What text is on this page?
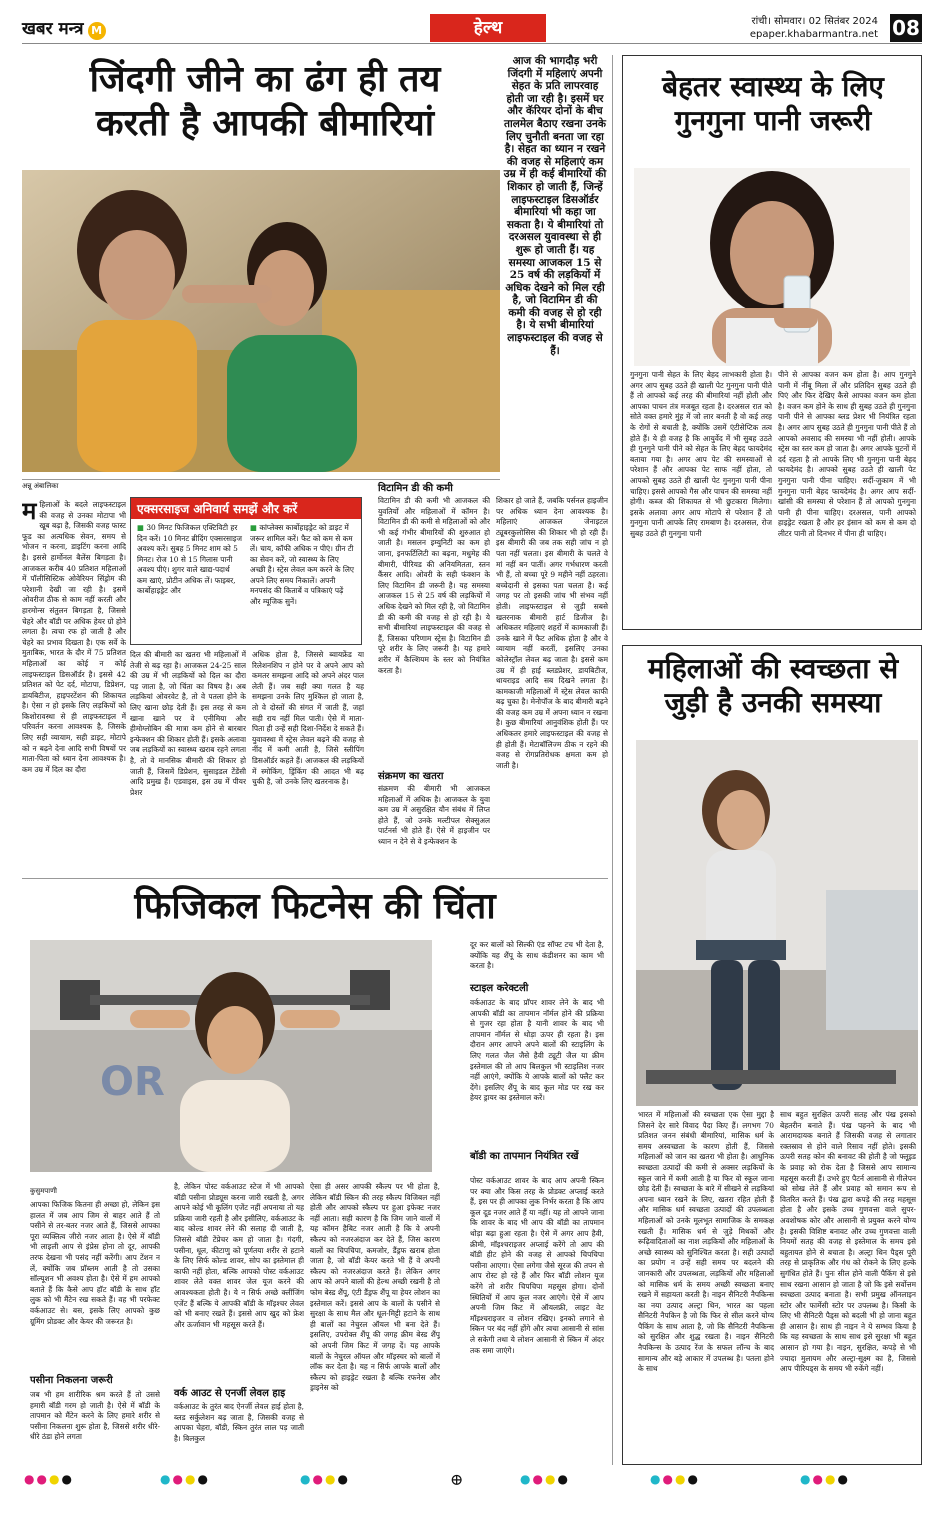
खबर मन्त्र M	हेल्थ	रांची। सोमवार। 02 सितंबर 2024
epaper.khabarmantra.net 08
जिंदगी जीने का ढंग ही तय
करती है आपकी बीमारियां
आज की भागदौड़ भरी जिंदगी में महिलाएं अपनी सेहत के प्रति लापरवाह होती जा रही है। इसमें घर और कॅरियर दोनों के बीच तालमेल बैठाए रखना उनके लिए चुनौती बनता जा रहा है। सेहत का ध्यान न रखने की वजह से महिलाएं कम उम्र में ही कई बीमारियों की शिकार हो जाती हैं, जिन्हें लाइफस्टाइल डिसऑर्डर बीमारियां भी कहा जा सकता है। ये बीमारियां तो दरअसल युवावस्था से ही शुरू हो जाती हैं। यह समस्या आजकल 15 से 25 वर्ष की लड़कियों में अधिक देखने को मिल रही है, जो विटामिन डी की कमी की वजह से हो रही है। ये सभी बीमारियां लाइफस्टाइल की वजह से हैं।
अन्नू अंबालिका
महिलाओं के बदले लाइफस्टाइल की वजह से उनका मोटापा भी खूब बढ़ा है, जिसकी वजह फास्ट फूड का अत्यधिक सेवन, समय से भोजन न करना, डाइटिंग करना आदि है। इससे हार्मोनल बैलेंस बिगड़ता है। आजकल करीब 40 प्रतिशत महिलाओं में पॉलीसिस्टिक ओवेरियन सिंड्रोम की परेशानी देखी जा रही है। इसमें ओवरीज ठीक से काम नहीं करती और हारमोन्स संतुलन बिगड़ता है, जिससे चेहरे और बॉडी पर अधिक हेयर ग्रो होने लगता है। त्वचा रफ हो जाती है और चेहरे का प्रभाव दिखता है। एक सर्वे के मुताबिक, भारत के दौर में 75 प्रतिशत महिलाओं का कोई न कोई लाइफस्टाइल डिसऑर्डर है। इससे 42 प्रतिशत को पेट दर्द, मोटापा, डिप्रेशन, डायबिटीज, हाइपरटेंशन की शिकायत है। ऐसा न हो इसके लिए लड़कियों को किशोरावस्था से ही लाइफस्टाइल में परिवर्तन करना आवश्यक है, जिसके लिए सही व्यायाम, सही डाइट, मोटापे को न बढ़ने देना आदि सभी विषयों पर माता-पिता को ध्यान देना आवश्यक है। कम उम्र में दिल का दौरा
एक्सरसाइज अनिवार्य समझें और करें
■ 30 मिनट फिजिकल एक्टिविटी हर दिन करें। 10 मिनट ब्रीदिंग एक्सरसाइज अवश्य करें। सुबह 5 मिनट शाम को 5 मिनट। रोज 10 से 15 गिलास पानी अवश्य पीएं। शुगर वाले खाद्य-पदार्थ कम खाएं, प्रोटीन अधिक लें। फाइबर, कार्बोहाइड्रेट और
■ कांप्लेक्स कार्बोहाइड्रेट को डाइट में जरूर शामिल करें। फैट को कम से कम लें। चाय, कॉफी अधिक न पीएं। ग्रीन टी का सेवन करें, जो स्वास्थ्य के लिए अच्छी है। स्ट्रेस लेवल कम करने के लिए अपने लिए समय निकालें। अपनी मनपसंद की किताबें व पत्रिकाएं पढ़ें और म्यूजिक सुनें।
दिल की बीमारी का खतरा भी महिलाओं में तेजी से बढ़ रहा है। आजकल 24-25 साल की उम्र में भी लड़कियों को दिल का दौरा पड़ जाता है, जो चिंता का विषय है। अब लड़कियां ओवरवेट है, तो वे पतला होने के लिए खाना छोड़ देती हैं। इस तरह से कम खाना खाने पर वे एनीमिया और हीमोग्लोबिन की मात्रा कम होने से बारबार इन्फेक्शन की शिकार होती हैं। इसके अलावा जब लड़कियों का स्वास्थ्य खराब रहने लगता है, तो वे मानसिक बीमारी की शिकार हो जाती हैं, जिसमें डिप्रेशन, सुसाइडल टेंडेंसी आदि प्रमुख हैं। एडवाइस, इस उम्र में पीयर प्रेशर
अधिक होता है, जिससे ब्वायफ्रेंड या रिलेशनशिप न होने पर वे अपने आप को कमतर समझना आदि को अपने अंदर पाल लेती हैं। जब सही क्या गलत है यह समझना उनके लिए मुश्किल हो जाता है, तो वे दोस्तों की संगत में जाती हैं, जहां सही राय नहीं मिल पाती। ऐसे में माता-पिता ही उन्हें सही दिशा-निर्देश दे सकते हैं। युवावस्था में स्ट्रेस लेवल बढ़ने की वजह से नींद में कमी आती है, जिसे स्लीपिंग डिसऑर्डर कहते हैं। आजकल की लड़कियों में स्मोकिंग, ड्रिंकिंग की आदत भी बढ़ चुकी है, जो उनके लिए खतरनाक है।
विटामिन डी की कमी
विटामिन डी की कमी भी आजकल की युवतियों और महिलाओं में कॉमन है। विटामिन डी की कमी से महिलाओं को और भी कई गंभीर बीमारियों की शुरुआत हो जाती है। मसलन इम्युनिटी का कम हो जाना, इनफर्टिलिटी का बढ़ना, मधुमेह की बीमारी, पीरियड की अनियमितता, स्तन कैंसर आदि। ओवरी के सही फंक्शन के लिए विटामिन डी जरूरी है। यह समस्या आजकल 15 से 25 वर्ष की लड़कियों में अधिक देखने को मिल रही है, जो विटामिन डी की कमी की वजह से हो रही है। ये सभी बीमारियां लाइफस्टाइल की वजह से हैं, जिसका परिणाम स्ट्रेस है। विटामिन डी पूरे शरीर के लिए जरूरी है। यह हमारे शरीर में कैल्शियम के स्तर को नियंत्रित करता है।
संक्रमण का खतरा
संक्रमण की बीमारी भी आजकल महिलाओं में अधिक है। आजकल के युवा कम उम्र में असुरक्षित यौन संबंध में लिप्त होते हैं, जो उनके मल्टीपल सेक्सुअल पार्टनर्स भी होते हैं। ऐसे में हाइजीन पर ध्यान न देने से वे इन्फेक्शन के
शिकार हो जाते हैं, जबकि पर्सनल हाइजीन पर अधिक ध्यान देना आवश्यक है। महिलाएं आजकल जेनाइटल ट्यूबरकुलोसिस की शिकार भी हो रही हैं। इस बीमारी की जब तक सही जांच न हो पता नहीं चलता। इस बीमारी के चलते वे मां नहीं बन पातीं। अगर गर्भधारण करती भी हैं, तो बच्चा पूरे 9 महीने नहीं ठहरता। बच्चेदानी से इसका पता चलता है। कई जगह पर तो इसकी जांच भी संभव नहीं होती। लाइफस्टाइल से जुड़ी सबसे खतरनाक बीमारी हार्ट डिजीज है। अधिकतर महिलाएं शहरों में कामकाजी हैं। उनके खाने में फैट अधिक होता है और वे व्यायाम नहीं करतीं, इसलिए उनका कोलेस्ट्रॉल लेवल बढ़ जाता है। इससे कम उम्र में ही हाई ब्लडप्रेशर, डायबिटीज, थायराइड आदि सब दिखने लगता है। कामकाजी महिलाओं में स्ट्रेस लेवल काफी बढ़ चुका है। मेनोपॉज के बाद बीमारी बढ़ने की वजह कम उम्र में अपना ध्यान न रखना है। कुछ बीमारियां आनुवंशिक होती हैं। पर अधिकतर हमारे लाइफस्टाइल की वजह से ही होती हैं। मेटाबॉलिज्म ठीक न रहने की वजह से रोगप्रतिरोधक क्षमता कम हो जाती है।
बेहतर स्वास्थ्य के लिए
गुनगुना पानी जरूरी
गुनगुना पानी सेहत के लिए बेहद लाभकारी होता है। अगर आप सुबह उठते ही खाली पेट गुनगुना पानी पीते हैं तो आपको कई तरह की बीमारियां नहीं होती और आपका पाचन तंत्र मजबूत रहता है। दरअसल रात को सोते वक्त हमारे मुंह में जो लार बनती है वो कई तरह के रोगों से बचाती है, क्योंकि उसमें एंटीसेप्टिक तत्व होते हैं। ये ही वजह है कि आयुर्वेद में भी सुबह उठते ही गुनगुने पानी पीने को सेहत के लिए बेहद फायदेमंद बताया गया है। अगर आप पेट की समस्याओं से परेशान हैं और आपका पेट साफ नहीं होता, तो आपको सुबह उठते ही खाली पेट गुनगुना पानी पीना चाहिए। इससे आपको गैस और पाचन की समस्या नहीं होगी। कब्ज की शिकायत से भी छुटकारा मिलेगा। इसके अलावा अगर आप मोटापे से परेशान हैं तो गुनगुना पानी आपके लिए रामबाण है। दरअसल, रोज सुबह उठते ही गुनगुना पानी
पीने से आपका वजन कम होता है। आप गुनगुने पानी में नींबू मिला लें और प्रतिदिन सुबह उठते ही पिएं और फिर देखिए कैसे आपका वजन कम होता है। वजन कम होने के साथ ही सुबह उठते ही गुनगुना पानी पीने से आपका ब्लड प्रेशर भी नियंत्रित रहता है। अगर आप सुबह उठते ही गुनगुना पानी पीते हैं तो आपको अवसाद की समस्या भी नहीं होती। आपके स्ट्रेस का स्तर कम हो जाता है। अगर आपके घुटनों में दर्द रहता है तो आपके लिए भी गुनगुना पानी बेहद फायदेमंद है। आपको सुबह उठते ही खाली पेट गुनगुना पानी पीना चाहिए। सर्दी-जुकाम में भी गुनगुना पानी बेहद फायदेमंद है। अगर आप सर्दी-खांसी की समस्या से परेशान हैं तो आपको गुनगुना पानी ही पीना चाहिए। दरअसल, पानी आपको हाइड्रेट रखता है और हर इंसान को कम से कम दो लीटर पानी तो दिनभर में पीना ही चाहिए।
महिलाओं की स्वच्छता से
जुड़ी है उनकी समस्या
भारत में महिलाओं की स्वच्छता एक ऐसा मुद्दा है जिसने देर सारे विवाद पैदा किए हैं। लगभग 70 प्रतिशत जनन संबंधी बीमारियां, मासिक धर्म के समय अस्वच्छता के कारण होती हैं, जिससे महिलाओं को जान का खतरा भी होता है। आधुनिक स्वच्छता उत्पादों की कमी से अक्सर लड़कियों के स्कूल जाने में कमी आती है या फिर वो स्कूल जाना छोड़ देती हैं। स्वच्छता के बारे में सीखने से लड़कियां अपना ध्यान रखने के लिए, खतरा रहित होती हैं और मासिक धर्म स्वच्छता उत्पादों की उपलब्धता महिलाओं को उनके मूलभूत सामाजिक के समकक्ष रखती हैं। मासिक धर्म से जुड़े मिथकों और रूढ़िवादिताओं का नाश लड़कियों और महिलाओं के अच्छे स्वास्थ्य को सुनिश्चित करता है। सही उत्पादों का प्रयोग न उन्हें सही समय पर बदलने की जानकारी और उपलब्धता, लड़कियों और महिलाओं को मासिक धर्म के समय अच्छी स्वच्छता बनाए रखने में सहायता करती है। नाइन सैनिटरी नैपकिन्स का नया उत्पाद अल्ट्रा थिन, भारत का पहला सैनिटरी नैपकिन है जो कि फिर से सील करने योग्य पैकिंग के साथ आता है, जो कि सैनिटरी नैपकिन्स को सुरक्षित और शुद्ध रखता है। नाइन सैनिटरी नैपकिन्स के उत्पाद रेंज के सफल लॉन्च के बाद सामान्य और बड़े आकार में उपलब्ध है। पतला होने के साथ
साथ बहुत सुरक्षित ऊपरी सतह और पंख इसको बेहतरीन बनाते हैं। पंख पहनने के बाद भी आरामदायक बनाते हैं जिसकी वजह से लगातार रक्तस्राव से होने वाले रिसाव नहीं होते। इसकी ऊपरी सतह कोन की बनावट की होती है जो फ्लूइड के प्रवाह को रोक देता है जिससे आप सामान्य महसूस करती हैं। उभरे हुए पैटर्न आसानी से गीलेपन को सोख लेते हैं और प्रवाह को समान रूप से वितरित करते हैं। पंख द्वारा कपड़े की तरह महसूस होता है और इसके उच्च गुणवत्ता वाले सुपर-अवशोषक कोर और आसानी से प्रयुक्त करने योग्य है। इसकी विशिष्ट बनावट और उच्च गुणवत्ता वाली नियमों सतह की वजह से इस्तेमाल के समय इसे बहुतायत होने से बचाता है। अल्ट्रा थिन पैड्स पूरी तरह से प्राकृतिक और गंध को रोकने के लिए हल्के सुगंधित होते हैं। पुनः सील होने वाली पैकिंग से इसे साथ रखना आसान हो जाता है जो कि इसे सर्वोत्तम स्वच्छता उत्पाद बनाता है। सभी प्रमुख ऑनलाइन स्टोर और फार्मेसी स्टोर पर उपलब्ध है। किसी के लिए भी सैनिटरी पैड्स को बदली भी हो जाना बहुत ही आसान है। साथ ही नाइन ने ये सम्भव किया है कि यह स्वच्छता के साथ साथ इसे सुरक्षा भी बहुत आसान हो गया है। नाइन, सुरक्षित, कपड़े से भी ज्यादा मुलायम और अल्ट्रा-सूक्ष्म का है, जिससे आप पीरियड्स के समय भी रुकेंगे नहीं।
फिजिकल फिटनेस की चिंता
OR
कुसुमपाणी
आपका फिजिक कितना ही अच्छा हो, लेकिन इस हालत में जब आप जिम से बाहर आते हैं तो पसीने से तर-बतर नजर आते हैं, जिससे आपका पूरा व्यक्तित्व जीरो नजर आता है। ऐसे में बॉडी भी लाइली आप से इंप्रेस होना तो दूर, आपकी तरफ देखना भी पसंद नहीं करेंगी। आप टेंशन न लें, क्योंकि जब प्रॉब्लम आती है तो उसका सॉल्यूशन भी अवश्य होता है। ऐसे में हम आपको बताते हैं कि कैसे आप हॉट बॉडी के साथ हॉट लुक को भी मैंटेन रख सकते हैं। वह भी परफेक्ट वर्कआउट से। बस, इसके लिए आपको कुछ ग्रूमिंग प्रोडक्ट और केयर की जरूरत है।
पसीना निकलना जरूरी
जब भी हम शारीरिक श्रम करते हैं तो उससे हमारी बॉडी गरम हो जाती है। ऐसे में बॉडी के तापमान को मैंटेन करने के लिए हमारे शरीर से पसीना निकलना शुरू होता है, जिससे शरीर धीरे-धीरे ठंडा होने लगता
है, लेकिन पोस्ट वर्कआउट स्टेज में भी आपको बॉडी पसीना प्रोड्यूस करना जारी रखती है, अगर आपने कोई भी कूलिंग एजेंट नहीं अपनाया तो यह प्रक्रिया जारी रहती है और इसीलिए, वर्कआउट के बाद कोल्ड शावर लेने की सलाह दी जाती है, जिससे बॉडी टेंप्रेचर कम हो जाता है। गंदगी, पसीना, धूल, कीटाणु को पूर्णतया शरीर से हटाने के लिए सिर्फ कोल्ड शावर, सोप का इस्तेमाल ही काफी नहीं होता, बल्कि आपको पोस्ट वर्कआउट शावर लेते वक्त शावर जेल यूज करने की आवश्यकता होती है। ये न सिर्फ अच्छे क्लींजिंग एजेंट हैं बल्कि ये आपकी बॉडी के मॉइश्चर लेवल को भी बनाए रखते हैं। इससे आप खुद को फ्रेश और ऊर्जावान भी महसूस करते हैं।
वर्क आउट से एनर्जी लेवल हाइ
वर्कआउट के तुरंत बाद ऐनर्जी लेवल हाई होता है, ब्लड सर्कुलेशन बढ़ जाता है, जिसकी वजह से आपका चेहरा, बॉडी, स्किन तुरंत लाल पड़ जाती है। बिलकुल
ऐसा ही असर आपकी स्कैल्प पर भी होता है, लेकिन बॉडी स्किन की तरह स्कैल्प विजिबल नहीं होती और आपको स्कैल्प पर हुआ इफेक्ट नजर नहीं आता। सही कारण है कि जिम जाने वालों में यह कॉमन हैबिट नजर आती है कि वे अपनी स्कैल्प को नजरअंदाज कर देते हैं, जिस कारण बालों का चिपचिपा, कमजोर, डैंड्रफ खराब होता जाता है, जो बॉडी केयर करते भी हैं वे अपनी स्कैल्प को नजरअंदाज करते हैं। लेकिन अगर आप को अपने बालों की हेल्थ अच्छी रखनी है तो फोम बेस्ड शैंपू, एंटी डैंड्रफ शैंपू या हेयर लोशन का इस्तेमाल करें। इससे आप के बालों के पसीने से सुरक्षा के साथ मैल और धूल-मिट्टी हटाने के साथ ही बालों का नेचुरल ऑयल भी बना देते हैं। इसलिए, उपरोक्त शैंपू की जगह क्रीम बेस्ड शैंपू को अपनी जिम किट में जगह दें। यह आपके बालों के नेचुरल ऑयल और मॉइस्चर को बालों में लॉक कर देता है। यह न सिर्फ आपके बालों और स्कैल्प को हाइड्रेट रखता है बल्कि रफनेस और ड्राइनेस को
दूर कर बालों को सिल्की एंड सॉफ्ट टच भी देता है, क्योंकि यह शैंपू के साथ कंडीशनर का काम भी करता है।
स्टाइल करेक्टली
वर्कआउट के बाद प्रॉपर शावर लेने के बाद भी आपकी बॉडी का तापमान नॉर्मल होने की प्रक्रिया से गुजर रहा होता है यानी शावर के बाद भी तापमान नॉर्मल से थोड़ा ऊपर ही रहता है। इस दौरान अगर आपने अपने बालों की स्टाइलिंग के लिए गलत जैल जैसे हैवी ट्यूटी जैल या क्रीम इस्तेमाल की तो आप बिलकुल भी स्टाइलिश नजर नहीं आएंगे, क्योंकि ये आपके बालों को फ्लैट कर देंगे। इसलिए शैंपू के बाद कूल मोड पर रख कर हेयर ड्रायर का इस्तेमाल करें।
बॉडी का तापमान नियंत्रित रखें
पोस्ट वर्कआउट शावर के बाद आप अपनी स्किन पर क्या और किस तरह के प्रोडक्ट अप्लाई करते हैं, इस पर ही आपका लुक निर्भर करता है कि आप कूल दूड नजर आते हैं या नहीं। यह तो आपने जाना कि शावर के बाद भी आप की बॉडी का तापमान थोड़ा बढ़ा हुआ रहता है। ऐसे में अगर आप हैवी, क्रीमी, मॉइश्चराइजर अप्लाई करेंगे तो आप की बॉडी हीट होने की वजह से आपको चिपचिपा पसीना आएगा। ऐसा लगेगा जैसे सूरज की तपन से आप रोस्ट हो रहे हैं और फिर बॉडी लोशन यूज करेंगे तो शरीर चिपचिपा महसूस होगा। दोनों स्थितियों में आप कूल नजर आएंगे। ऐसे में आप अपनी जिम किट में ऑयलफ्री, लाइट वेट मॉइश्चराइजर व लोशन रखिए। इनको लगाने से स्किन पर बंद नहीं होंगे और त्वचा आसानी से सांस ले सकेगी तथा ये लोशन आसानी से स्किन में अंदर तक समा जाएंगे।
●●●●	●●●●	●●●●	⊕	●●●●	●●●●	●●●●
